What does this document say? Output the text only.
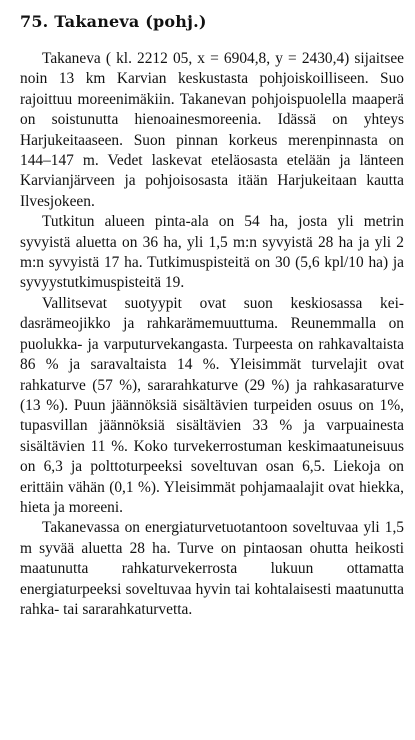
75. Takaneva (pohj.)

Takaneva ( kl. 2212 05, x = 6904,8, y = 2430,4) sijaitsee noin 13 km Karvian keskustasta pohjoiskoilliseen. Suo rajoittuu moreenimäkiin. Takanevan pohjoispuolella maaperä on soistunutta hienoainesmoreenia. Idässä on yhteys Harjukeitaaseen. Suon pinnan korkeus merenpinnasta on 144–147 m. Vedet laskevat eteläosasta etelään ja länteen Karvianjärveen ja pohjoisosasta itään Harjukeitaan kautta Ilvesjokeen.

Tutkitun alueen pinta-ala on 54 ha, josta yli metrin syvyistä aluetta on 36 ha, yli 1,5 m:n syvyistä 28 ha ja yli 2 m:n syvyistä 17 ha. Tutkimuspisteitä on 30 (5,6 kpl/10 ha) ja syvyystutkimuspisteitä 19.

Vallitsevat suotyypit ovat suon keskiosassa keidasrämeojikko ja rahkarämemuuttuma. Reunemmalla on puolukka- ja varputurvekangasta. Turpeesta on rahkavaltaista 86 % ja saravaltaista 14 %. Yleisimmät turvelajit ovat rahkaturve (57 %), sararahkaturve (29 %) ja rahkasaraturve (13 %). Puun jäännöksiä sisältävien turpeiden osuus on 1%, tupasvillan jäännöksiä sisältävien 33 % ja varpuainesta sisältävien 11 %. Koko turvekerrostuman keskimaatuneisuus on 6,3 ja polttoturpeeksi soveltuvan osan 6,5. Liekoja on erittäin vähän (0,1 %). Yleisimmät pohjamaalajit ovat hiekka, hieta ja moreeni.

Takanevassa on energiaturvetuotantoon soveltuvaa yli 1,5 m syvää aluetta 28 ha. Turve on pintaosan ohutta heikosti maatunutta rahkaturvekerrosta lukuun ottamatta energiaturpeeksi soveltuvaa hyvin tai kohtalaisesti maatunutta rahka- tai sararahkaturvetta.
